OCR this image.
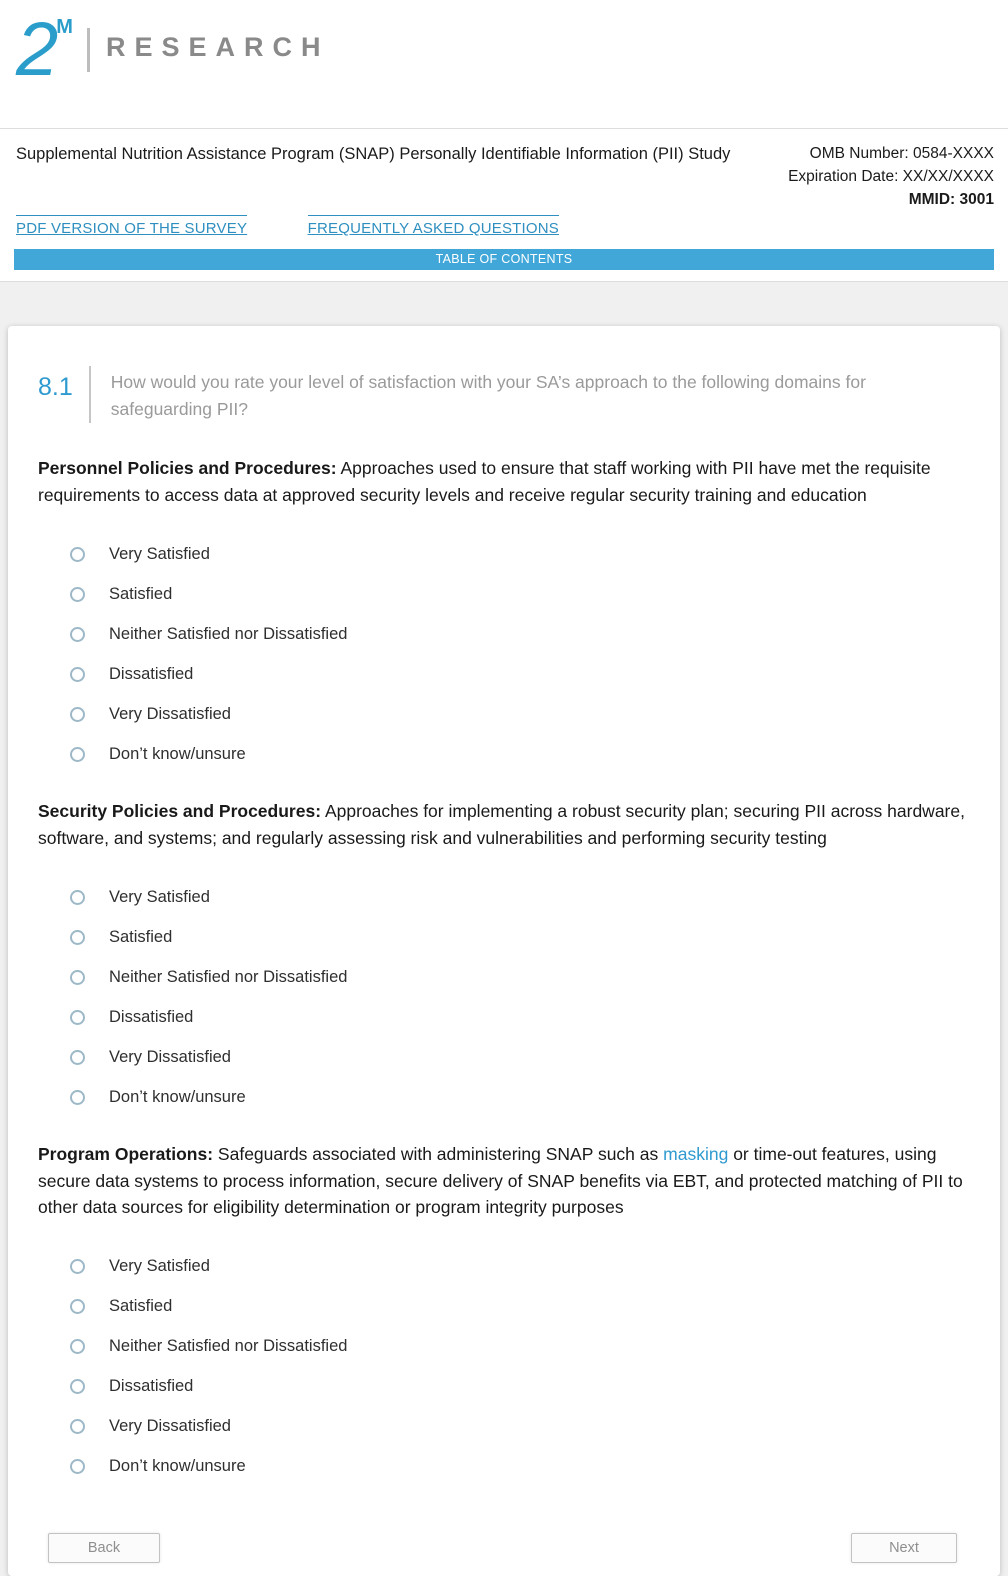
2
M
RESEARCH
Supplemental Nutrition Assistance Program (SNAP) Personally Identifiable Information (PII) Study	OMB Number: 0584-XXXX
Expiration Date: XX/XX/XXXX
MMID: 3001
PDF VERSION OF THE SURVEY	FREQUENTLY ASKED QUESTIONS
TABLE OF CONTENTS
8.1 How would you rate your level of satisfaction with your SA’s approach to the following domains for safeguarding PII?

Personnel Policies and Procedures: Approaches used to ensure that staff working with PII have met the requisite requirements to access data at approved security levels and receive regular security training and education

Very Satisfied
Satisfied
Neither Satisfied nor Dissatisfied
Dissatisfied
Very Dissatisfied
Don’t know/unsure

Security Policies and Procedures: Approaches for implementing a robust security plan; securing PII across hardware, software, and systems; and regularly assessing risk and vulnerabilities and performing security testing

Very Satisfied
Satisfied
Neither Satisfied nor Dissatisfied
Dissatisfied
Very Dissatisfied
Don’t know/unsure

Program Operations: Safeguards associated with administering SNAP such as masking or time-out features, using secure data systems to process information, secure delivery of SNAP benefits via EBT, and protected matching of PII to other data sources for eligibility determination or program integrity purposes

Very Satisfied
Satisfied
Neither Satisfied nor Dissatisfied
Dissatisfied
Very Dissatisfied
Don’t know/unsure
Back	Next
